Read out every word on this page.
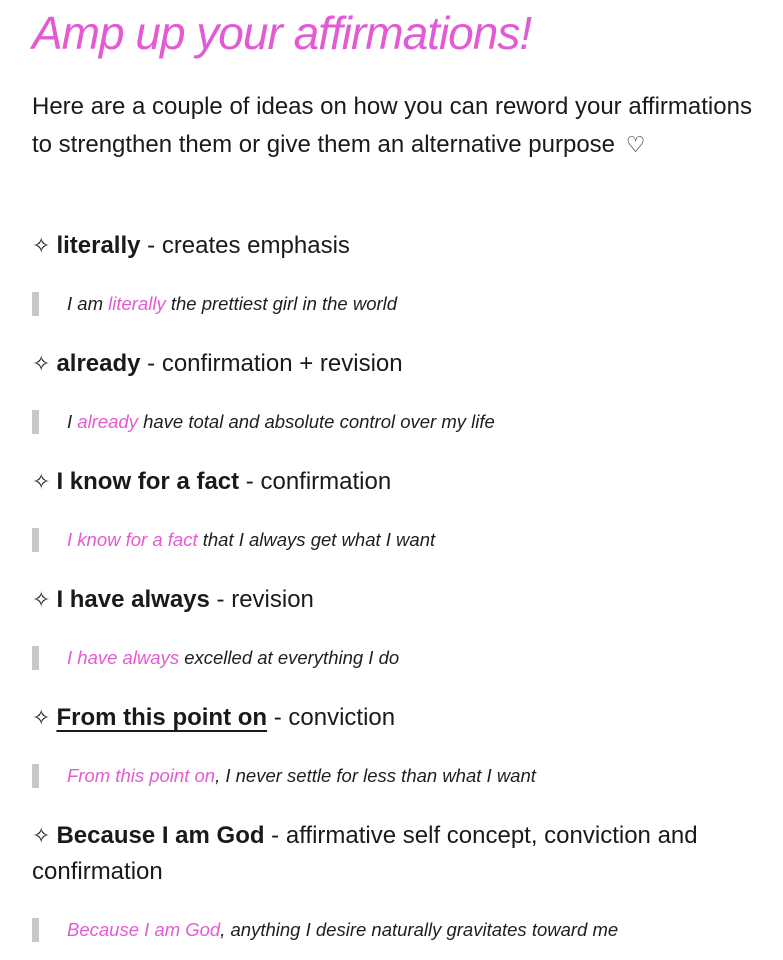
Amp up your affirmations!

Here are a couple of ideas on how you can reword your affirmations to strengthen them or give them an alternative purpose ♡

✧ literally - creates emphasis

I am literally the prettiest girl in the world

✧ already - confirmation + revision

I already have total and absolute control over my life

✧ I know for a fact - confirmation

I know for a fact that I always get what I want

✧ I have always - revision

I have always excelled at everything I do

✧ From this point on - conviction

From this point on, I never settle for less than what I want

✧ Because I am God - affirmative self concept, conviction and confirmation

Because I am God, anything I desire naturally gravitates toward me
